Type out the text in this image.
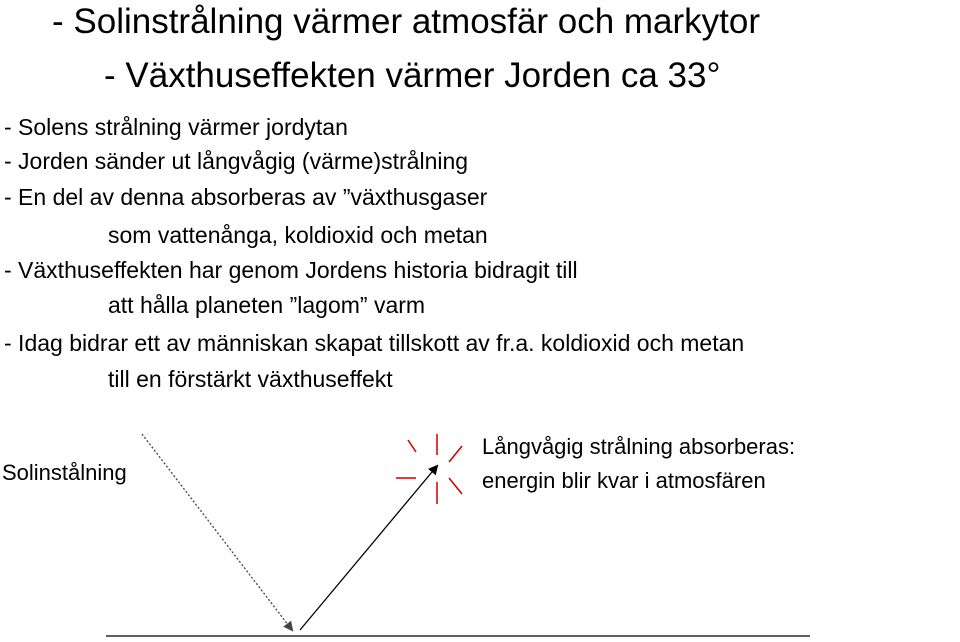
- Solinstrålning värmer atmosfär och markytor
- Växthuseffekten värmer Jorden ca 33°
- Solens strålning värmer jordytan
- Jorden sänder ut långvågig (värme)strålning
- En del av denna absorberas av ”växthusgaser
som vattenånga, koldioxid och metan
- Växthuseffekten har genom Jordens historia bidragit till
att hålla planeten ”lagom” varm
- Idag bidrar ett av människan skapat tillskott av fr.a. koldioxid och metan
till en förstärkt växthuseffekt
Solinstålning
Långvågig strålning absorberas:
energin blir kvar i atmosfären
